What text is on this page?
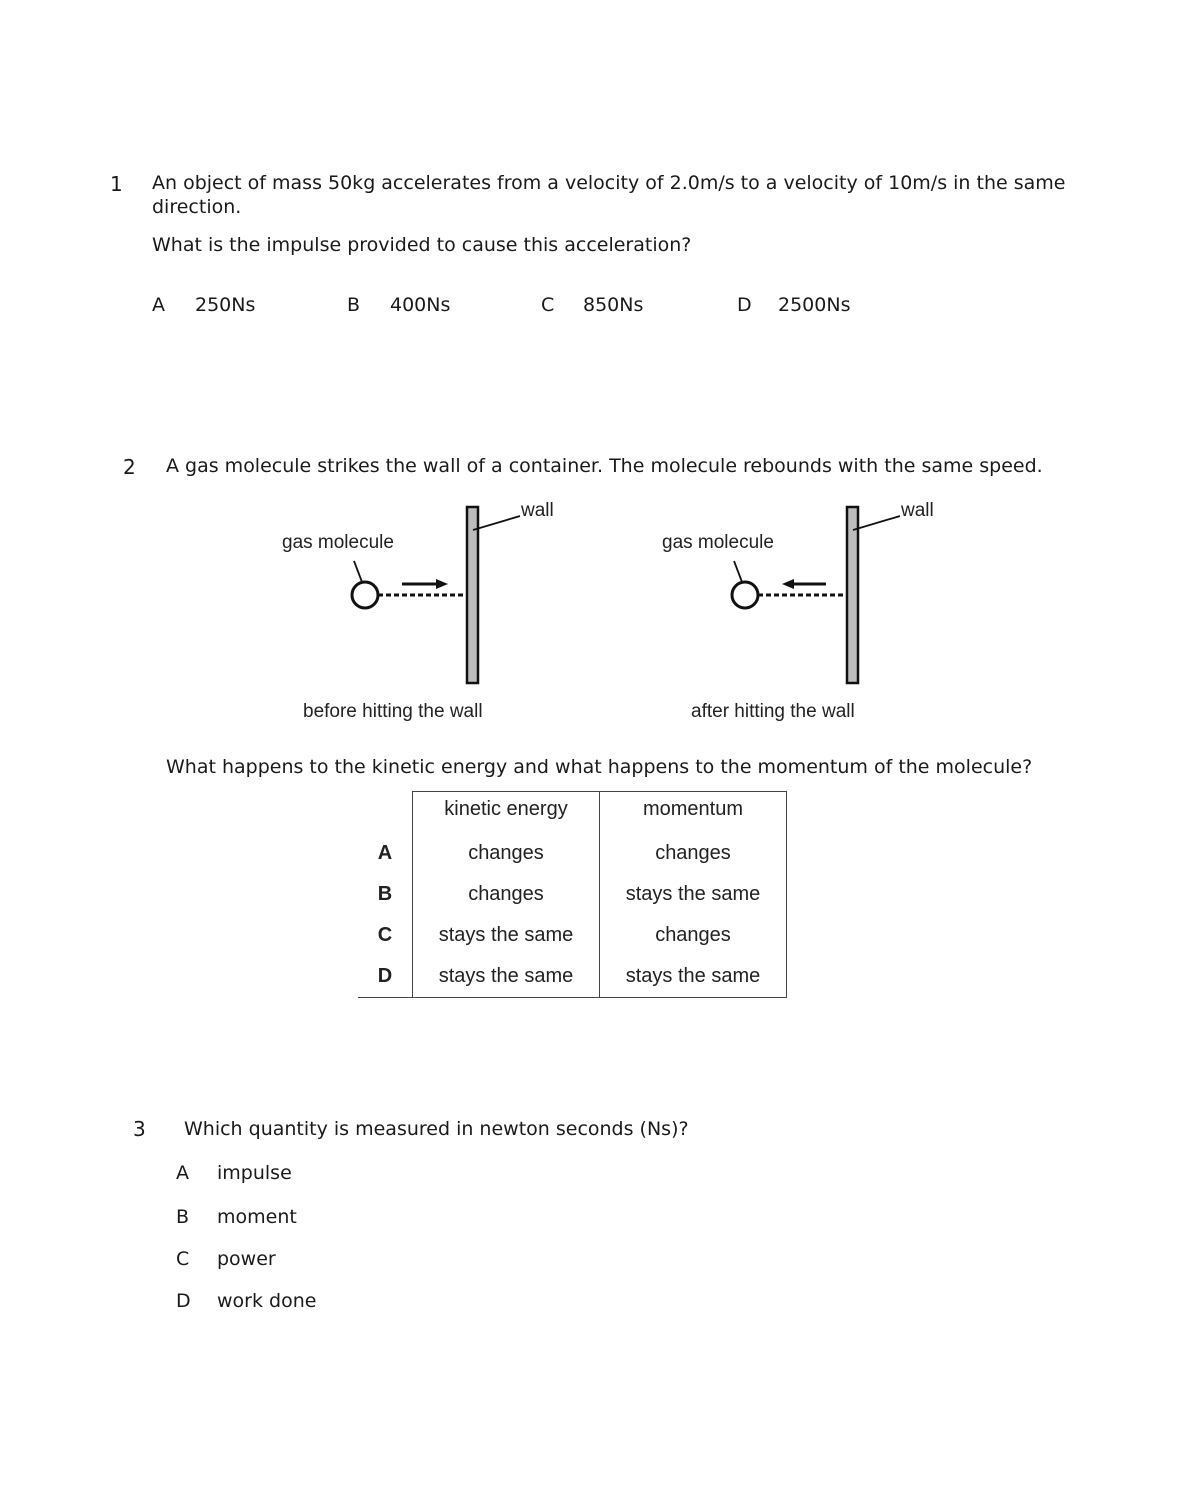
1 An object of mass 50kg accelerates from a velocity of 2.0m/s to a velocity of 10m/s in the same
direction.
What is the impulse provided to cause this acceleration?
A 250Ns	B 400Ns	C 850Ns	D 2500Ns
2 A gas molecule strikes the wall of a container. The molecule rebounds with the same speed.
gas molecule
wall
before hitting the wall
gas molecule
wall
after hitting the wall
What happens to the kinetic energy and what happens to the momentum of the molecule?
	kinetic energy	momentum
A	changes	changes
B	changes	stays the same
C	stays the same	changes
D	stays the same	stays the same
3 Which quantity is measured in newton seconds (Ns)?
A impulse
B moment
C power
D work done
